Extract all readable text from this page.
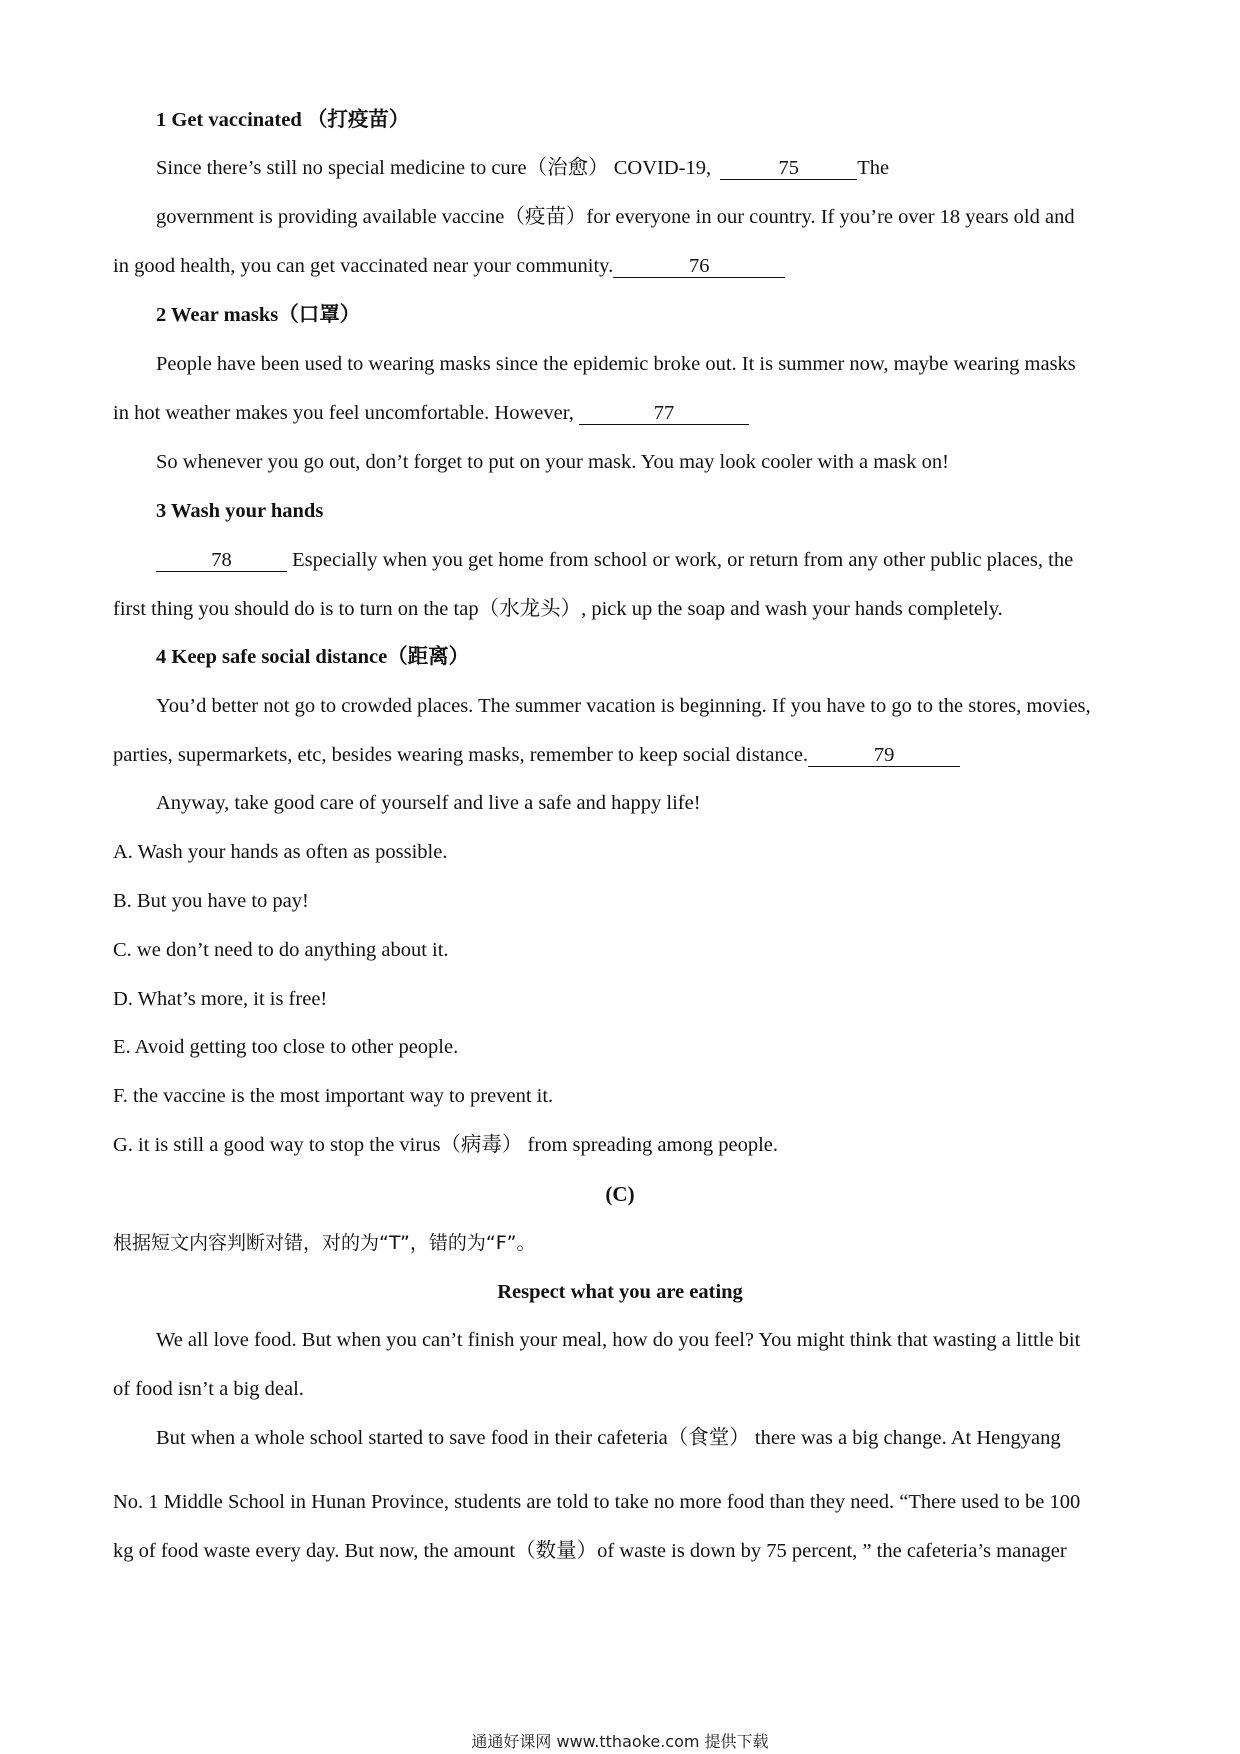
1 Get vaccinated （打疫苗）
Since there’s still no special medicine to cure（治愈） COVID-19,	75	The
government is providing available vaccine（疫苗）for everyone in our country. If you’re over 18 years old and
in good health, you can get vaccinated near your community.	76
2 Wear masks（口罩）
People have been used to wearing masks since the epidemic broke out. It is summer now, maybe wearing masks
in hot weather makes you feel uncomfortable. However,	77
So whenever you go out, don’t forget to put on your mask. You may look cooler with a mask on!
3 Wash your hands
78	Especially when you get home from school or work, or return from any other public places, the
first thing you should do is to turn on the tap（水龙头）, pick up the soap and wash your hands completely.
4 Keep safe social distance（距离）
You’d better not go to crowded places. The summer vacation is beginning. If you have to go to the stores, movies,
parties, supermarkets, etc, besides wearing masks, remember to keep social distance.	79
Anyway, take good care of yourself and live a safe and happy life!
A. Wash your hands as often as possible.
B. But you have to pay!
C. we don’t need to do anything about it.
D. What’s more, it is free!
E. Avoid getting too close to other people.
F. the vaccine is the most important way to prevent it.
G. it is still a good way to stop the virus（病毒） from spreading among people.
(C)
根据短文内容判断对错，对的为“T”，错的为“F”。
Respect what you are eating
We all love food. But when you can’t finish your meal, how do you feel? You might think that wasting a little bit
of food isn’t a big deal.
But when a whole school started to save food in their cafeteria（食堂） there was a big change. At Hengyang
No. 1 Middle School in Hunan Province, students are told to take no more food than they need. “There used to be 100
kg of food waste every day. But now, the amount（数量）of waste is down by 75 percent, ” the cafeteria’s manager
通通好课网 www.tthaoke.com 提供下载
